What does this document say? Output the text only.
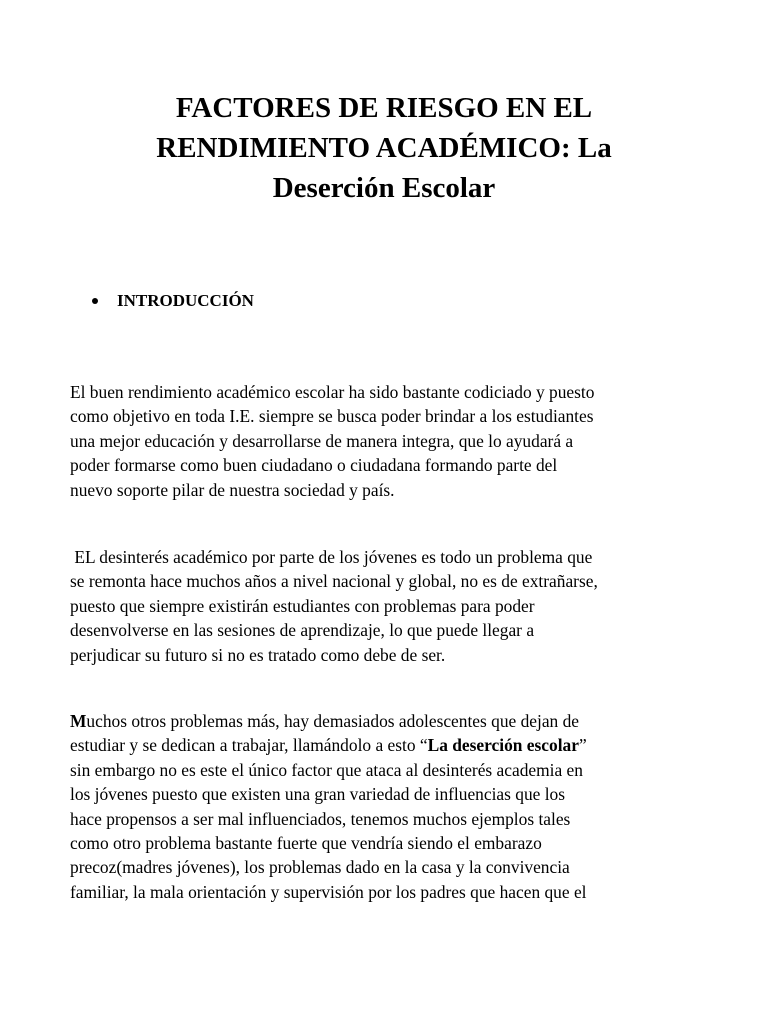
FACTORES DE RIESGO EN EL
RENDIMIENTO ACADÉMICO: La
Deserción Escolar
INTRODUCCIÓN

El buen rendimiento académico escolar ha sido bastante codiciado y puesto
como objetivo en toda I.E. siempre se busca poder brindar a los estudiantes
una mejor educación y desarrollarse de manera integra, que lo ayudará a
poder formarse como buen ciudadano o ciudadana formando parte del
nuevo soporte pilar de nuestra sociedad y país.

EL desinterés académico por parte de los jóvenes es todo un problema que
se remonta hace muchos años a nivel nacional y global, no es de extrañarse,
puesto que siempre existirán estudiantes con problemas para poder
desenvolverse en las sesiones de aprendizaje, lo que puede llegar a
perjudicar su futuro si no es tratado como debe de ser.

Muchos otros problemas más, hay demasiados adolescentes que dejan de
estudiar y se dedican a trabajar, llamándolo a esto “La deserción escolar”
sin embargo no es este el único factor que ataca al desinterés academia en
los jóvenes puesto que existen una gran variedad de influencias que los
hace propensos a ser mal influenciados, tenemos muchos ejemplos tales
como otro problema bastante fuerte que vendría siendo el embarazo
precoz(madres jóvenes), los problemas dado en la casa y la convivencia
familiar, la mala orientación y supervisión por los padres que hacen que el
